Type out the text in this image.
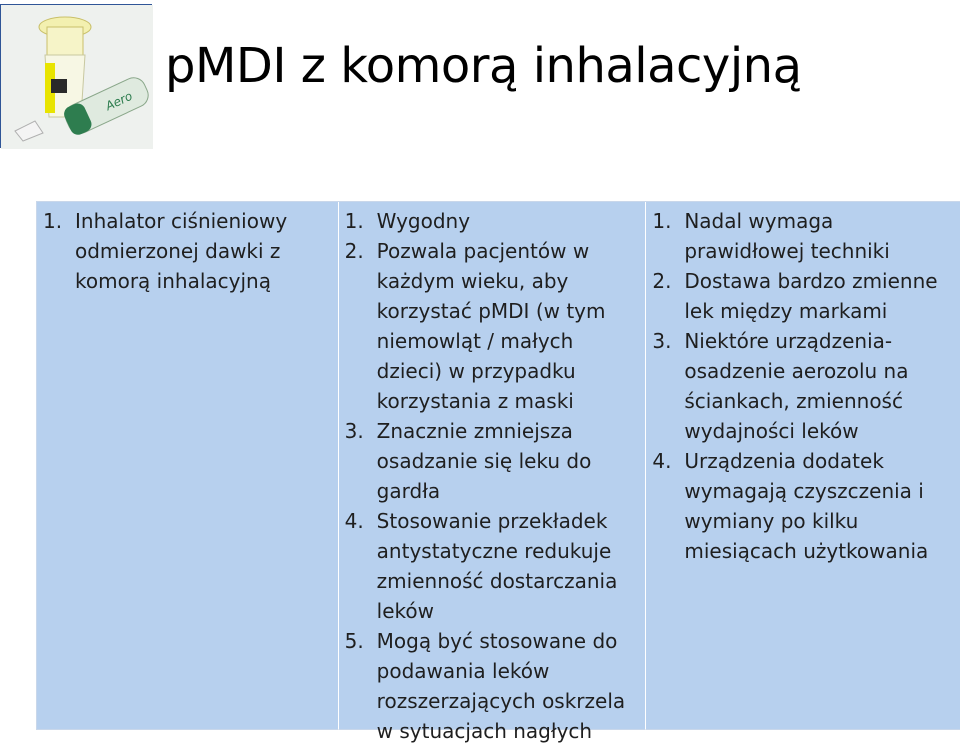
Aero
pMDI z komorą inhalacyjną
1. Inhalator ciśnieniowy odmierzonej dawki z komorą inhalacyjną
1. Wygodny
2. Pozwala pacjentów w każdym wieku, aby korzystać pMDI (w tym niemowląt / małych dzieci) w przypadku korzystania z maski
3. Znacznie zmniejsza osadzanie się leku do gardła
4. Stosowanie przekładek antystatyczne redukuje zmienność dostarczania leków
5. Mogą być stosowane do podawania leków rozszerzających oskrzela w sytuacjach nagłych
1. Nadal wymaga prawidłowej techniki
2. Dostawa bardzo zmienne lek między markami
3. Niektóre urządzenia- osadzenie aerozolu na ściankach, zmienność wydajności leków
4. Urządzenia dodatek wymagają czyszczenia i wymiany po kilku miesiącach użytkowania
